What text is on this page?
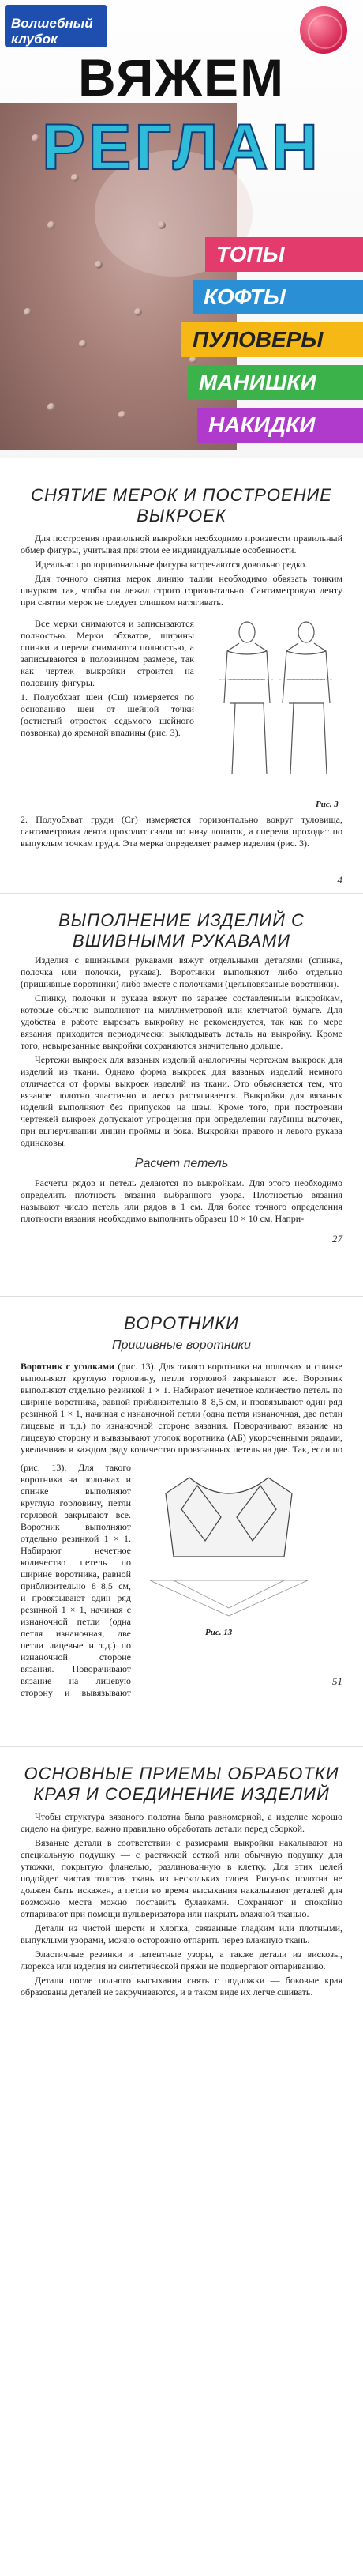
Волшебный клубок
ВЯЖЕМ
РЕГЛАН
ТОПЫ
КОФТЫ
ПУЛОВЕРЫ
МАНИШКИ
НАКИДКИ
СНЯТИЕ МЕРОК И ПОСТРОЕНИЕ ВЫКРОЕК

Для построения правильной выкройки необходимо произвести правильный обмер фигуры, учитывая при этом ее индивидуальные особенности.

Идеально пропорциональные фигуры встречаются довольно редко.

Для точного снятия мерок линию талии необходимо обвязать тонким шнурком так, чтобы он лежал строго горизонтально. Сантиметровую ленту при снятии мерок не следует слишком натягивать.

Все мерки снимаются и записываются полностью. Мерки обхватов, ширины спинки и переда снимаются полностью, а записываются в половинном размере, так как чертеж выкройки строится на половину фигуры.

1. Полуобхват шеи (Сш) измеряется по основанию шеи от шейной точки (остистый отросток седьмого шейного позвонка) до яремной впадины (рис. 3).

2. Полуобхват груди (Сг) измеряется горизонтально вокруг туловища, сантиметровая лента проходит сзади по низу лопаток, а спереди проходит по выпуклым точкам груди. Эта мерка определяет размер изделия (рис. 3).

Рис. 3
4
ВЫПОЛНЕНИЕ ИЗДЕЛИЙ С ВШИВНЫМИ РУКАВАМИ

Изделия с вшивными рукавами вяжут отдельными деталями (спинка, полочка или полочки, рукава). Воротники выполняют либо отдельно (пришивные воротники) либо вместе с полочками (цельновязаные воротники).

Спинку, полочки и рукава вяжут по заранее составленным выкройкам, которые обычно выполняют на миллиметровой или клетчатой бумаге. Для удобства в работе вырезать выкройку не рекомендуется, так как по мере вязания приходится периодически выкладывать деталь на выкройку. Кроме того, невырезанные выкройки сохраняются значительно дольше.

Чертежи выкроек для вязаных изделий аналогичны чертежам выкроек для изделий из ткани. Однако форма выкроек для вязаных изделий немного отличается от формы выкроек изделий из ткани. Это объясняется тем, что вязаное полотно эластично и легко растягивается. Выкройки для вязаных изделий выполняют без припусков на швы. Кроме того, при построении чертежей выкроек допускают упрощения при определении глубины выточек, при вычерчивании линии проймы и бока. Выкройки правого и левого рукава одинаковы.

Расчет петель

Расчеты рядов и петель делаются по выкройкам. Для этого необходимо определить плотность вязания выбранного узора. Плотностью вязания называют число петель или рядов в 1 см. Для более точного определения плотности вязания необходимо выполнить образец 10 × 10 см. Напри-

27
ВОРОТНИКИ
Пришивные воротники

Воротник с уголками (рис. 13). Для такого воротника на полочках и спинке выполняют круглую горловину, петли горловой закрывают все. Воротник выполняют отдельно резинкой 1 × 1. Набирают нечетное количество петель по ширине воротника, равной приблизительно 8–8,5 см, и провязывают один ряд резинкой 1 × 1, начиная с изнаночной петли (одна петля изнаночная, две петли лицевые и т.д.) по изнаночной стороне вязания. Поворачивают вязание на лицевую сторону и вывязывают уголок воротника (АБ) укороченными рядами, увеличивая в каждом ряду количество провязанных петель на две. Так, если по

(рис. 13). Для такого воротника на полочках и спинке выполняют круглую горловину, петли горловой закрывают все. Воротник выполняют отдельно резинкой 1 × 1. Набирают нечетное количество петель по ширине воротника, равной приблизительно 8–8,5 см, и провязывают один ряд резинкой 1 × 1, начиная с изнаночной петли (одна петля изнаночная, две петли лицевые и т.д.) по изнаночной стороне вязания. Поворачивают вязание на лицевую сторону и вывязывают

Рис. 13
51
ОСНОВНЫЕ ПРИЕМЫ ОБРАБОТКИ КРАЯ И СОЕДИНЕНИЕ ИЗДЕЛИЙ

Чтобы структура вязаного полотна была равномерной, а изделие хорошо сидело на фигуре, важно правильно обработать детали перед сборкой.

Вязаные детали в соответствии с размерами выкройки накалывают на специальную подушку — с растяжкой сеткой или обычную подушку для утюжки, покрытую фланелью, разлинованную в клетку. Для этих целей подойдет чистая толстая ткань из нескольких слоев. Рисунок полотна не должен быть искажен, а петли во время высыхания накалывают деталей для возможно места можно поставить булавками. Сохраняют и спокойно отпаривают при помощи пульверизатора или накрыть влажной тканью.

Детали из чистой шерсти и хлопка, связанные гладким или плотными, выпуклыми узорами, можно осторожно отпарить через влажную ткань.

Эластичные резинки и патентные узоры, а также детали из вискозы, люрекса или изделия из синтетической пряжи не подвергают отпариванию.

Детали после полного высыхания снять с подложки — боковые края образованы деталей не закручиваются, и в таком виде их легче сшивать.
